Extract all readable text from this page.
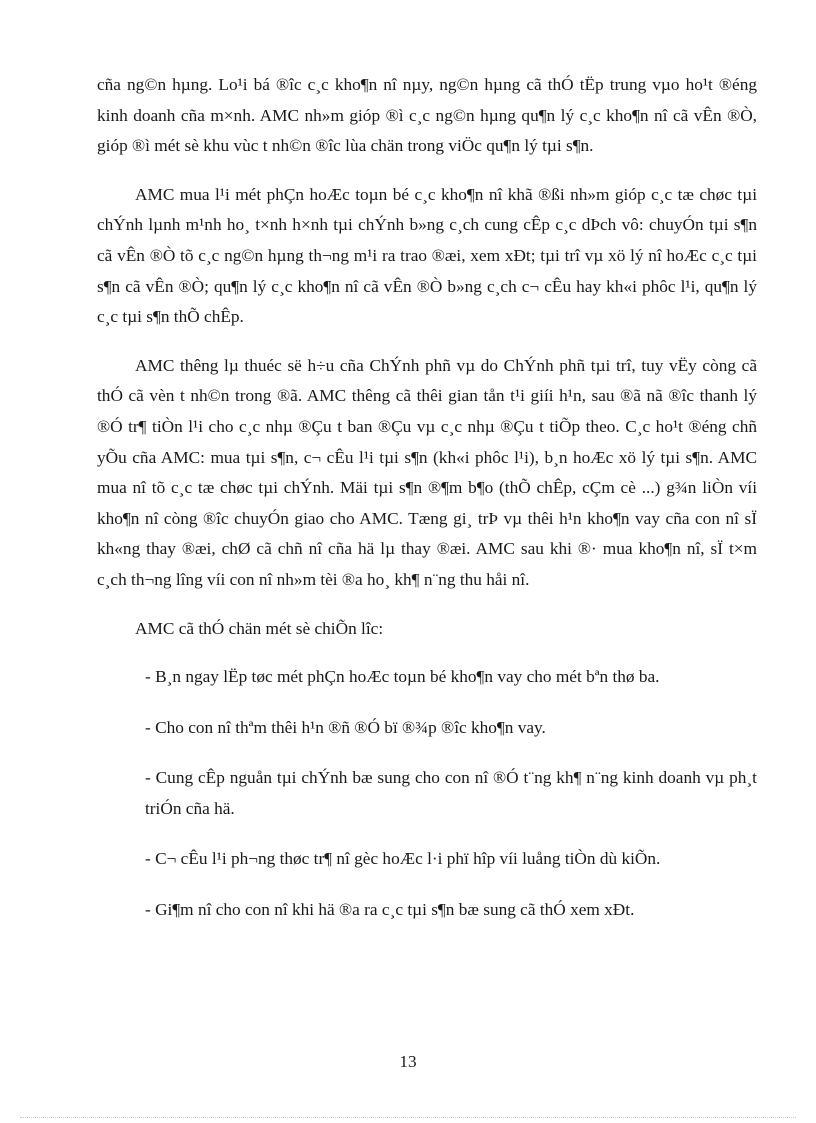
cña ng©n hµng. Lo¹i bá ®îc c¸c kho¶n nî nµy, ng©n hµng cã thÓ tËp trung vµo ho¹t ®éng kinh doanh cña m×nh. AMC nh»m gióp ®ì c¸c ng©n hµng qu¶n lý c¸c kho¶n nî cã vÊn ®Ò, gióp ®ì mét sè khu vùc t nh©n ®îc lùa chän trong viÖc qu¶n lý tµi s¶n.

AMC mua l¹i mét phÇn hoÆc toµn bé c¸c kho¶n nî khã ®ßi nh»m gióp c¸c tæ chøc tµi chÝnh lµnh m¹nh ho¸ t×nh h×nh tµi chÝnh b»ng c¸ch cung cÊp c¸c dÞch vô: chuyÓn tµi s¶n cã vÊn ®Ò tõ c¸c ng©n hµng th¬ng m¹i ra trao ®æi, xem xÐt; tµi trî vµ xö lý nî hoÆc c¸c tµi s¶n cã vÊn ®Ò; qu¶n lý c¸c kho¶n nî cã vÊn ®Ò b»ng c¸ch c¬ cÊu hay kh«i phôc l¹i, qu¶n lý c¸c tµi s¶n thÕ chÊp.

AMC thêng lµ thuéc së h÷u cña ChÝnh phñ vµ do ChÝnh phñ tµi trî, tuy vËy còng cã thÓ cã vèn t nh©n trong ®ã. AMC thêng cã thêi gian tån t¹i giíi h¹n, sau ®ã nã ®îc thanh lý ®Ó tr¶ tiÒn l¹i cho c¸c nhµ ®Çu t ban ®Çu vµ c¸c nhµ ®Çu t tiÕp theo. C¸c ho¹t ®éng chñ yÕu cña AMC: mua tµi s¶n, c¬ cÊu l¹i tµi s¶n (kh«i phôc l¹i), b¸n hoÆc xö lý tµi s¶n. AMC mua nî tõ c¸c tæ chøc tµi chÝnh. Mäi tµi s¶n ®¶m b¶o (thÕ chÊp, cÇm cè ...) g¾n liÒn víi kho¶n nî còng ®îc chuyÓn giao cho AMC. Tæng gi¸ trÞ vµ thêi h¹n kho¶n vay cña con nî sÏ kh«ng thay ®æi, chØ cã chñ nî cña hä lµ thay ®æi. AMC sau khi ®· mua kho¶n nî, sÏ t×m c¸ch th¬ng lîng víi con nî nh»m tèi ®a ho¸ kh¶ n¨ng thu håi nî.

AMC cã thÓ chän mét sè chiÕn lîc:

- B¸n ngay lËp tøc mét phÇn hoÆc toµn bé kho¶n vay cho mét bªn thø ba.

- Cho con nî thªm thêi h¹n ®ñ ®Ó bï ®¾p ®îc kho¶n vay.

- Cung cÊp nguån tµi chÝnh bæ sung cho con nî ®Ó t¨ng kh¶ n¨ng kinh doanh vµ ph¸t triÓn cña hä.

- C¬ cÊu l¹i ph¬ng thøc tr¶ nî gèc hoÆc l·i phï hîp víi luång tiÒn dù kiÕn.

- Gi¶m nî cho con nî khi hä ®a ra c¸c tµi s¶n bæ sung cã thÓ xem xÐt.

13
